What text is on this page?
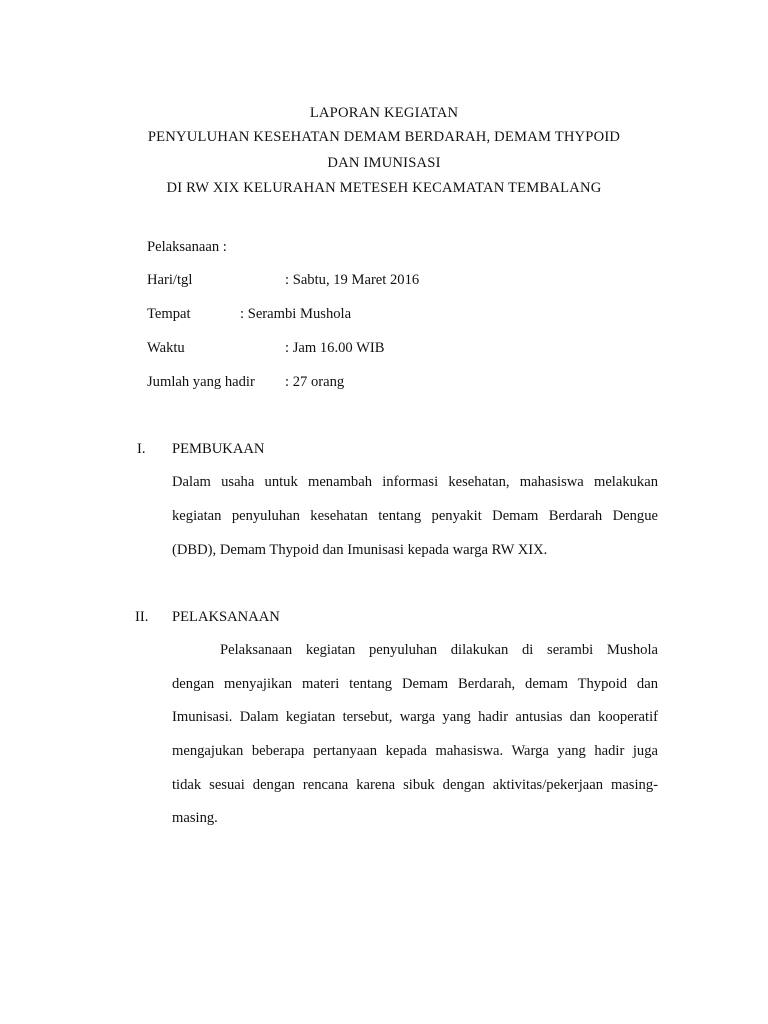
LAPORAN KEGIATAN
PENYULUHAN KESEHATAN DEMAM BERDARAH, DEMAM THYPOID
DAN IMUNISASI
DI RW XIX KELURAHAN METESEH KECAMATAN TEMBALANG
Pelaksanaan :
Hari/tgl	: Sabtu, 19 Maret 2016
Tempat	: Serambi Mushola
Waktu	: Jam 16.00 WIB
Jumlah yang hadir : 27 orang
I. PEMBUKAAN
Dalam usaha untuk menambah informasi kesehatan, mahasiswa melakukan
kegiatan penyuluhan kesehatan tentang penyakit Demam Berdarah Dengue
(DBD), Demam Thypoid dan Imunisasi kepada warga RW XIX.
II. PELAKSANAAN
Pelaksanaan kegiatan penyuluhan dilakukan di serambi Mushola
dengan menyajikan materi tentang Demam Berdarah, demam Thypoid dan
Imunisasi. Dalam kegiatan tersebut, warga yang hadir antusias dan kooperatif
mengajukan beberapa pertanyaan kepada mahasiswa. Warga yang hadir juga
tidak sesuai dengan rencana karena sibuk dengan aktivitas/pekerjaan masing-
masing.
